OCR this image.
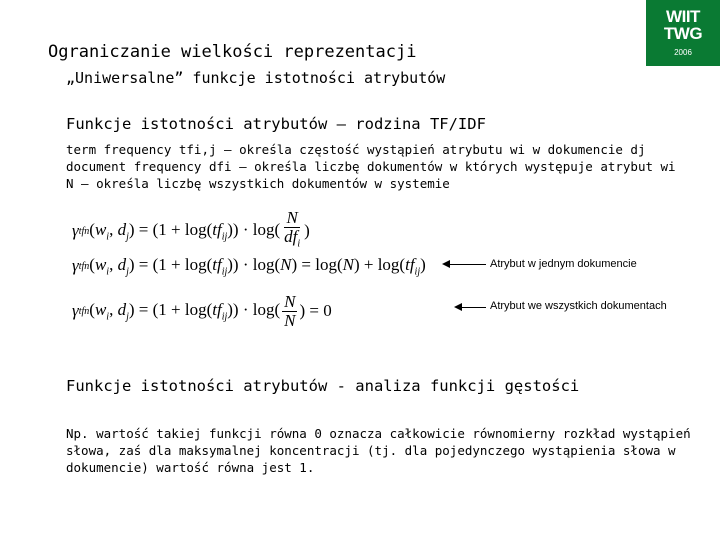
WIIT
TWG
2006
Ograniczanie wielkości reprezentacji
„Uniwersalne” funkcje istotności atrybutów
Funkcje istotności atrybutów – rodzina TF/IDF
term frequency tfi,j – określa częstość wystąpień atrybutu wi w dokumencie dj
document frequency dfi – określa liczbę dokumentów w których występuje atrybut wi
N – określa liczbę wszystkich dokumentów w systemie
γ tfn ($w_i$, $d_j) = (1 + \log(tf_{ij})) \cdot \log( \frac{N}{df_i}$ )
γ tfn ($w_i$, $d_j) = (1 + \log(tf_{ij})) \cdot \log(N) = \log(N) + \log(tf_{ij})$
γ tfn ($w_i$, $d_j) = (1 + \log(tf_{ij})) \cdot \log( \frac{N}{N}$ ) = 0
Atrybut w jednym dokumencie
Atrybut we wszystkich dokumentach
Funkcje istotności atrybutów - analiza funkcji gęstości
Np. wartość takiej funkcji równa 0 oznacza całkowicie równomierny rozkład wystąpień
słowa, zaś dla maksymalnej koncentracji (tj. dla pojedynczego wystąpienia słowa w
dokumencie) wartość równa jest 1.
